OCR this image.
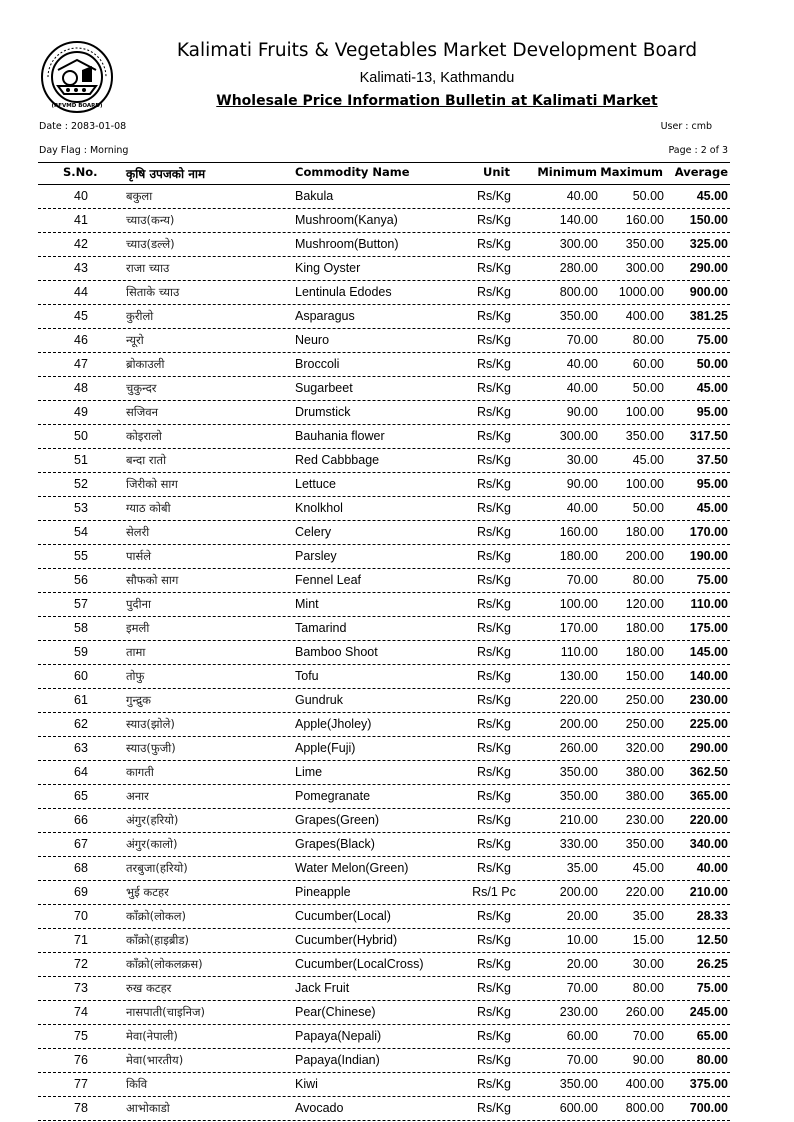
(RFVMD BOARD)
Kalimati Fruits & Vegetables Market Development Board
Kalimati-13, Kathmandu
Wholesale Price Information Bulletin at Kalimati Market
Date : 2083-01-08
Day Flag : Morning
User : cmb
Page : 2 of 3
S.No. कृषि उपजको नाम	Commodity Name	Unit Minimum Maximum Average
40	बकुला	Bakula	Rs/Kg	40.00	50.00	45.00
41	च्याउ(कन्य)	Mushroom(Kanya)	Rs/Kg	140.00 160.00 150.00
42	च्याउ(डल्ले)	Mushroom(Button)	Rs/Kg	300.00 350.00 325.00
43	राजा च्याउ	King Oyster	Rs/Kg	280.00 300.00 290.00
44	सिताके च्याउ	Lentinula Edodes	Rs/Kg	800.00 1000.00 900.00
45	कुरीलो	Asparagus	Rs/Kg	350.00 400.00 381.25
46	न्यूरो	Neuro	Rs/Kg	70.00	80.00	75.00
47	ब्रोकाउली	Broccoli	Rs/Kg	40.00	60.00	50.00
48	चुकुन्दर	Sugarbeet	Rs/Kg	40.00	50.00	45.00
49	सजिवन	Drumstick	Rs/Kg	90.00 100.00	95.00
50	कोइरालो	Bauhania flower	Rs/Kg	300.00 350.00 317.50
51	बन्दा रातो	Red Cabbbage	Rs/Kg	30.00	45.00	37.50
52	जिरीको साग	Lettuce	Rs/Kg	90.00 100.00	95.00
53	ग्याठ कोबी	Knolkhol	Rs/Kg	40.00	50.00	45.00
54	सेलरी	Celery	Rs/Kg	160.00 180.00 170.00
55	पार्सले	Parsley	Rs/Kg	180.00 200.00 190.00
56	सौफको साग	Fennel Leaf	Rs/Kg	70.00	80.00	75.00
57	पुदीना	Mint	Rs/Kg	100.00 120.00 110.00
58	इमली	Tamarind	Rs/Kg	170.00 180.00 175.00
59	तामा	Bamboo Shoot	Rs/Kg	110.00 180.00 145.00
60	तोफु	Tofu	Rs/Kg	130.00 150.00 140.00
61	गुन्द्रुक	Gundruk	Rs/Kg	220.00 250.00 230.00
62	स्याउ(झोले)	Apple(Jholey)	Rs/Kg	200.00 250.00 225.00
63	स्याउ(फुजी)	Apple(Fuji)	Rs/Kg	260.00 320.00 290.00
64	कागती	Lime	Rs/Kg	350.00 380.00 362.50
65	अनार	Pomegranate	Rs/Kg	350.00 380.00 365.00
66	अंगुर(हरियो)	Grapes(Green)	Rs/Kg	210.00 230.00 220.00
67	अंगुर(कालो)	Grapes(Black)	Rs/Kg	330.00 350.00 340.00
68	तरबुजा(हरियो)	Water Melon(Green)	Rs/Kg	35.00	45.00	40.00
69	भुई कटहर	Pineapple	Rs/1 Pc	200.00 220.00 210.00
70	काँक्रो(लोकल)	Cucumber(Local)	Rs/Kg	20.00	35.00	28.33
71	काँक्रो(हाइब्रीड)	Cucumber(Hybrid)	Rs/Kg	10.00	15.00	12.50
72	काँक्रो(लोकलक्रस)	Cucumber(LocalCross)	Rs/Kg	20.00	30.00	26.25
73	रुख कटहर	Jack Fruit	Rs/Kg	70.00	80.00	75.00
74	नासपाती(चाइनिज)	Pear(Chinese)	Rs/Kg	230.00 260.00 245.00
75	मेवा(नेपाली)	Papaya(Nepali)	Rs/Kg	60.00	70.00	65.00
76	मेवा(भारतीय)	Papaya(Indian)	Rs/Kg	70.00	90.00	80.00
77	किवि	Kiwi	Rs/Kg	350.00 400.00 375.00
78	आभोकाडो	Avocado	Rs/Kg	600.00 800.00 700.00
